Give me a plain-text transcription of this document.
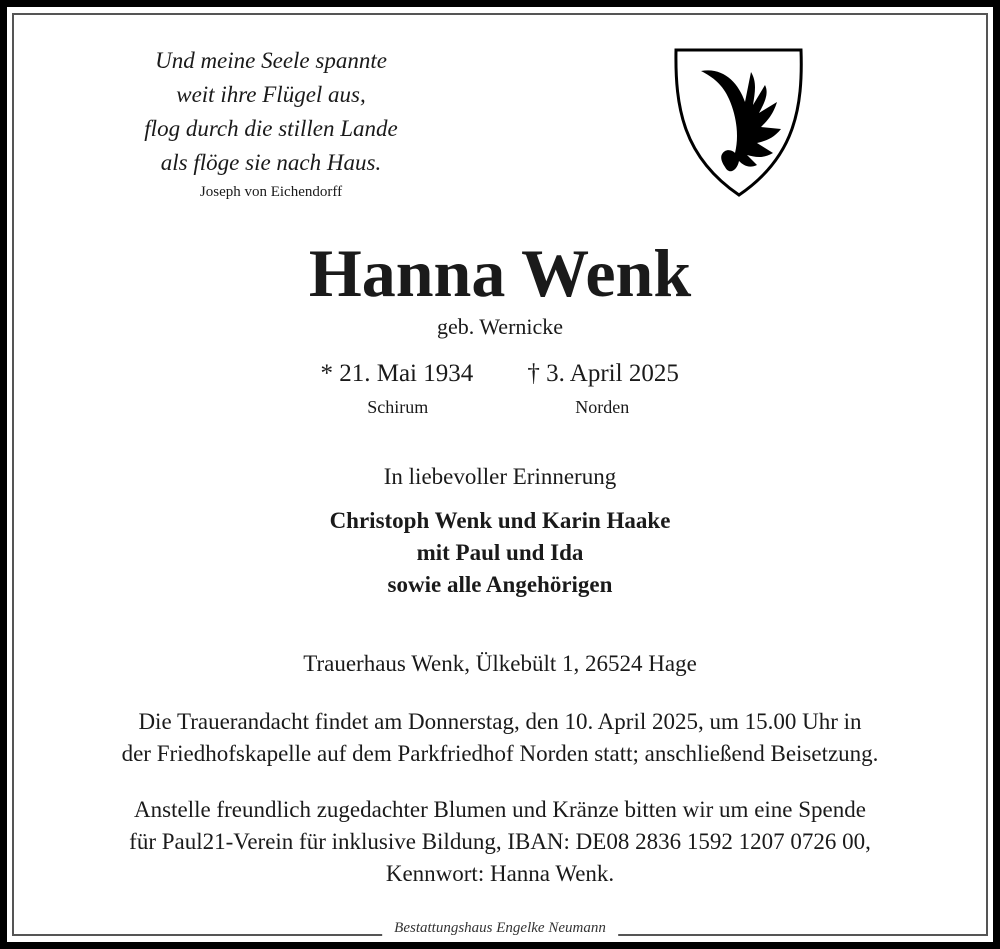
Und meine Seele spannte
weit ihre Flügel aus,
flog durch die stillen Lande
als flöge sie nach Haus.
Joseph von Eichendorff
Hanna Wenk
geb. Wernicke
* 21. Mai 1934 † 3. April 2025
Schirum	Norden
In liebevoller Erinnerung
Christoph Wenk und Karin Haake
mit Paul und Ida
sowie alle Angehörigen
Trauerhaus Wenk, Ülkebült 1, 26524 Hage
Die Trauerandacht findet am Donnerstag, den 10. April 2025, um 15.00 Uhr in
der Friedhofskapelle auf dem Parkfriedhof Norden statt; anschließend Beisetzung.
Anstelle freundlich zugedachter Blumen und Kränze bitten wir um eine Spende
für Paul21-Verein für inklusive Bildung, IBAN: DE08 2836 1592 1207 0726 00,
Kennwort: Hanna Wenk.
Bestattungshaus Engelke Neumann
